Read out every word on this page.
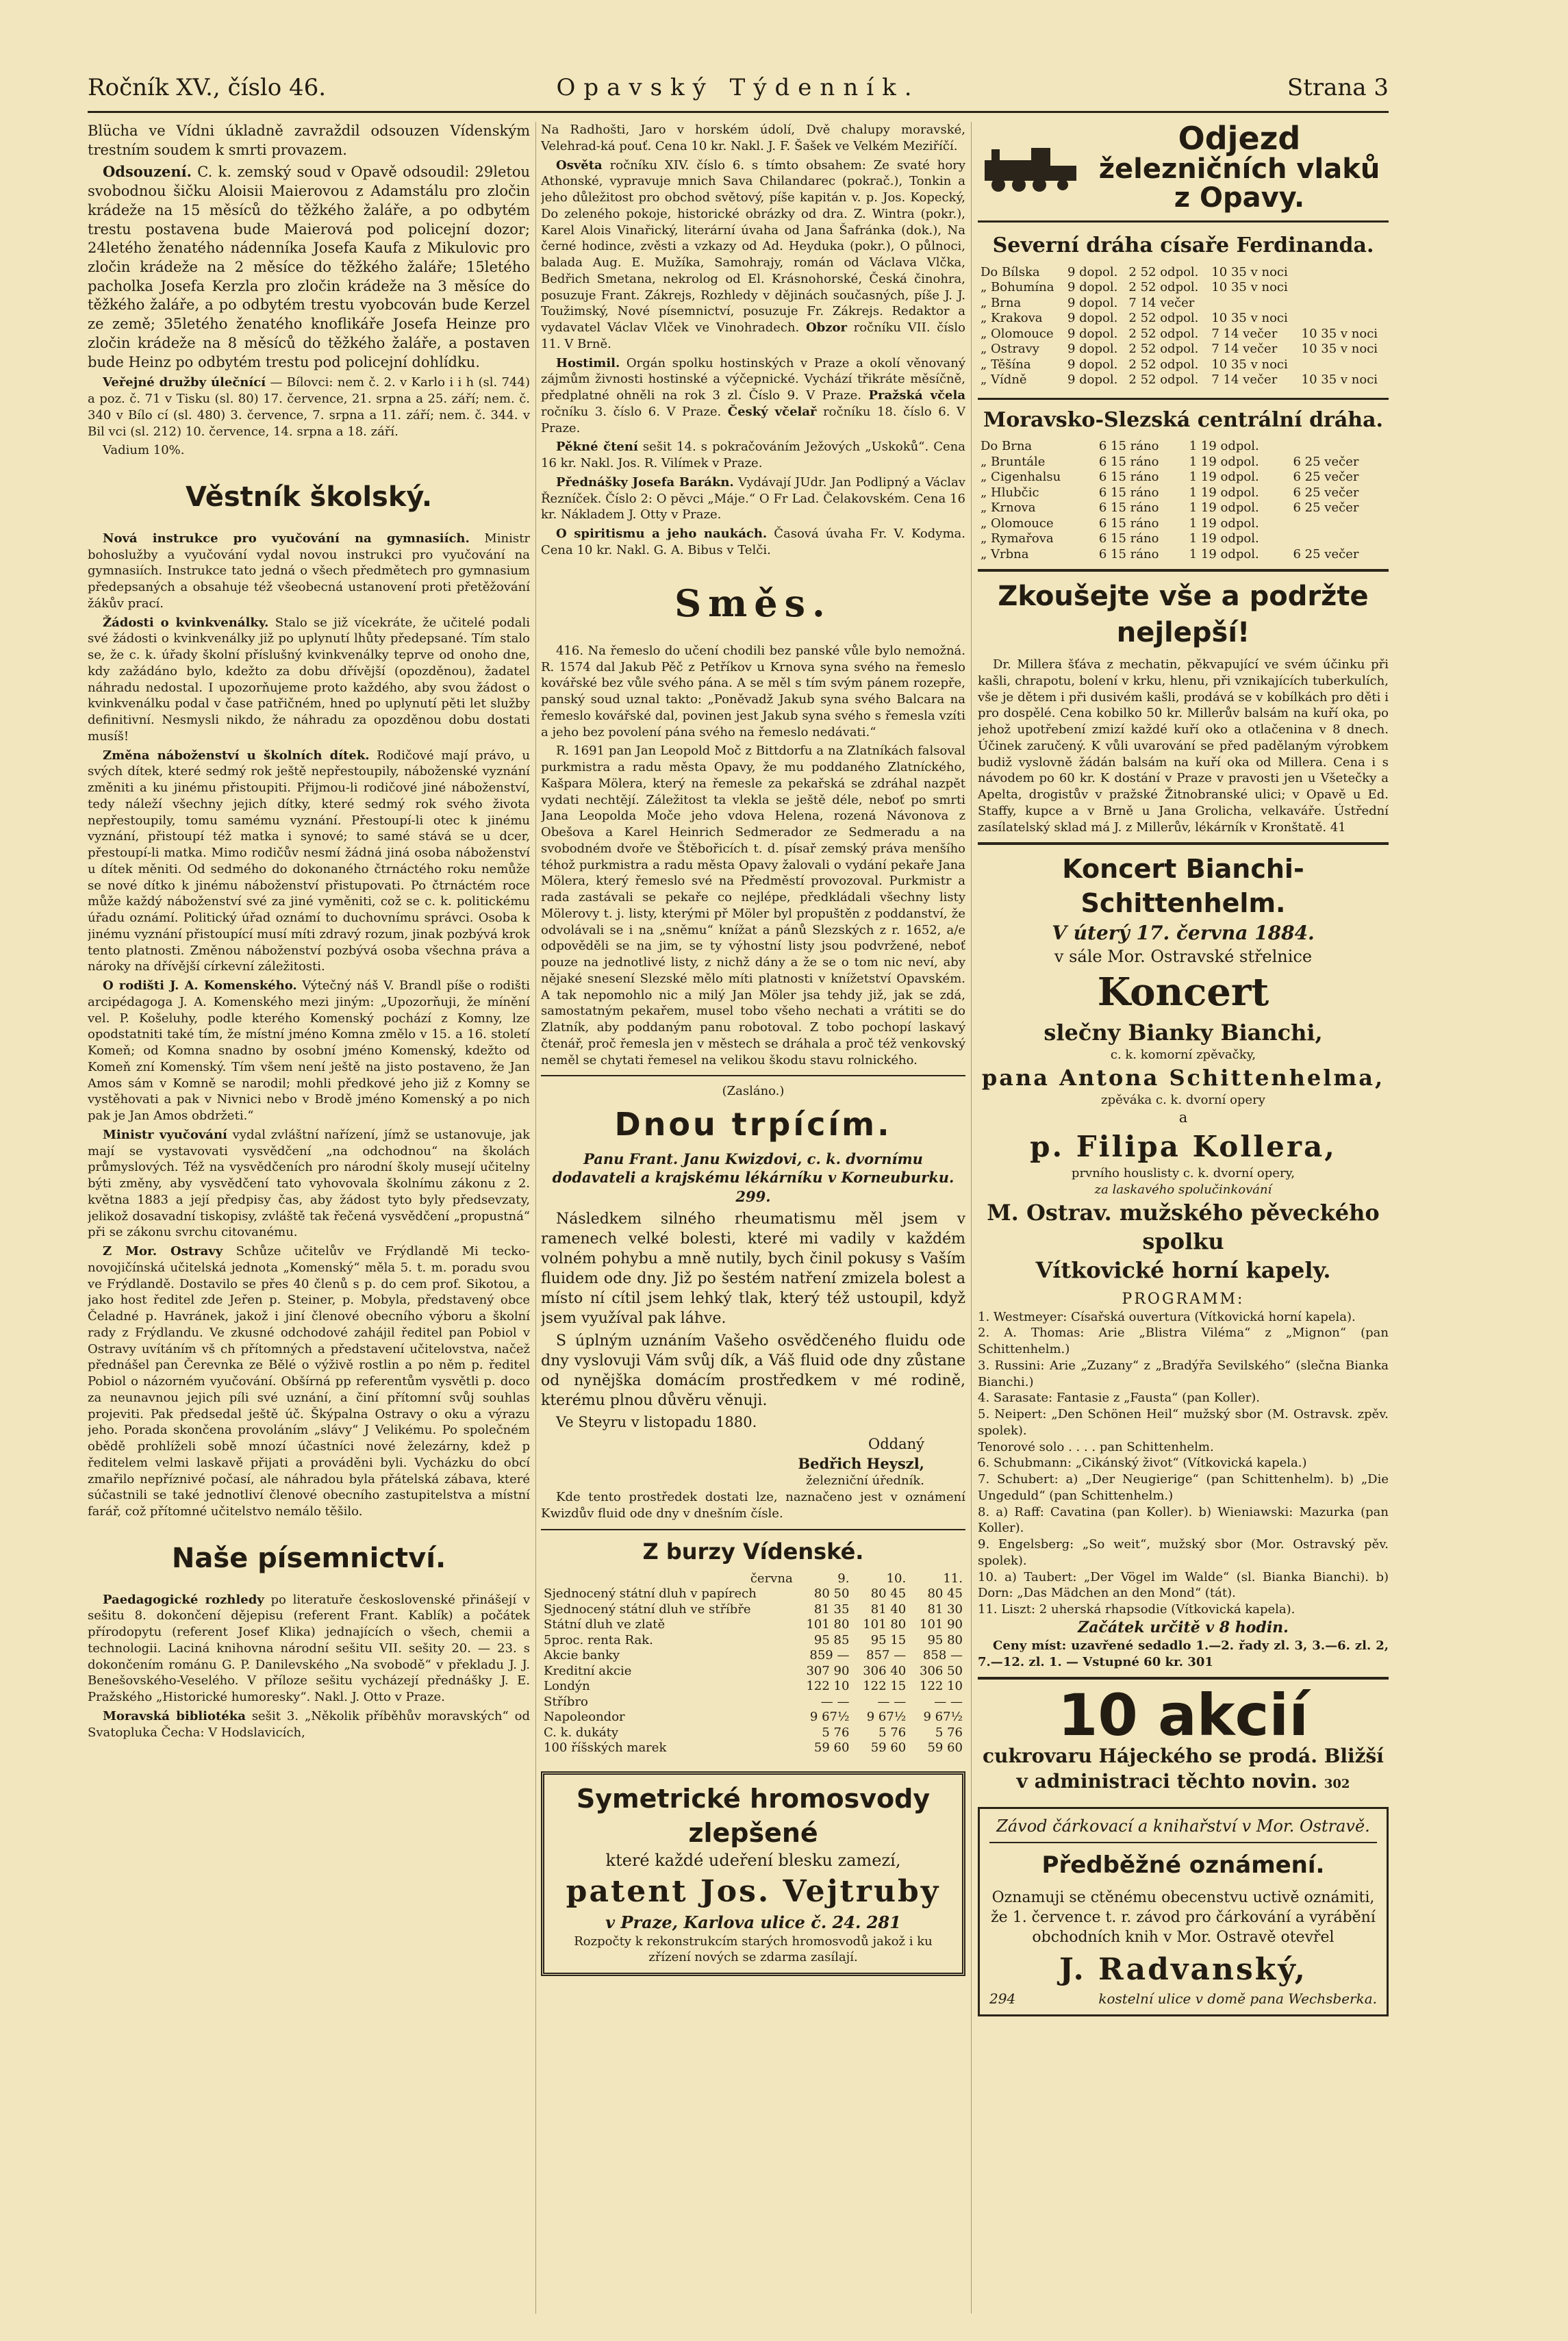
Ročník XV., číslo 46.	Opavský Týdenník.	Strana 3

Blücha ve Vídni úkladně zavraždil odsouzen Vídenským trestním soudem k smrti provazem.

Odsouzení. C. k. zemský soud v Opavě odsoudil: 29letou svobodnou šičku Aloisii Maierovou z Adamstálu pro zločin krádeže na 15 měsíců do těžkého žaláře, a po odbytém trestu postavena bude Maierová pod policejní dozor; 24letého ženatého nádenníka Josefa Kaufa z Mikulovic pro zločin krádeže na 2 měsíce do těžkého žaláře; 15letého pacholka Josefa Kerzla pro zločin krádeže na 3 měsíce do těžkého žaláře, a po odbytém trestu vyobcován bude Kerzel ze země; 35letého ženatého knoflikáře Josefa Heinze pro zločin krádeže na 8 měsíců do těžkého žaláře, a postaven bude Heinz po odbytém trestu pod policejní dohlídku.

Veřejné družby úlečnící — Bílovci: nem č. 2. v Karlo i i h (sl. 744) a poz. č. 71 v Tisku (sl. 80) 17. července, 21. srpna a 25. září; nem. č. 340 v Bílo cí (sl. 480) 3. července, 7. srpna a 11. září; nem. č. 344. v Bil vci (sl. 212) 10. července, 14. srpna a 18. září.

Vadium 10%.

Věstník školský.

Nová instrukce pro vyučování na gymnasiích. Ministr bohoslužby a vyučování vydal novou instrukci pro vyučování na gymnasiích. Instrukce tato jedná o všech předmětech pro gymnasium předepsaných a obsahuje též všeobecná ustanovení proti přetěžování žákův prací.

Žádosti o kvinkvenálky. Stalo se již vícekráte, že učitelé podali své žádosti o kvinkvenálky již po uplynutí lhůty předepsané. Tím stalo se, že c. k. úřady školní příslušný kvinkvenálky teprve od onoho dne, kdy zažádáno bylo, kdežto za dobu dřívější (opozděnou), žadatel náhradu nedostal. I upozorňujeme proto každého, aby svou žádost o kvinkvenálku podal v čase patřičném, hned po uplynutí pěti let služby definitivní. Nesmysli nikdo, že náhradu za opozděnou dobu dostati musíš!

Změna náboženství u školních dítek. Rodičové mají právo, u svých dítek, které sedmý rok ještě nepřestoupily, náboženské vyznání změniti a ku jinému přistoupiti. Přijmou-li rodičové jiné náboženství, tedy náleží všechny jejich dítky, které sedmý rok svého života nepřestoupily, tomu samému vyznání. Přestoupí-li otec k jinému vyznání, přistoupí též matka i synové; to samé stává se u dcer, přestoupí-li matka. Mimo rodičův nesmí žádná jiná osoba náboženství u dítek měniti. Od sedmého do dokonaného čtrnáctého roku nemůže se nové dítko k jinému náboženství přistupovati. Po čtrnáctém roce může každý náboženství své za jiné vyměniti, což se c. k. politickému úřadu oznámí. Politický úřad oznámí to duchovnímu správci. Osoba k jinému vyznání přistoupící musí míti zdravý rozum, jinak pozbývá krok tento platnosti. Změnou náboženství pozbývá osoba všechna práva a nároky na dřívější církevní záležitosti.

O rodišti J. A. Komenského. Výtečný náš V. Brandl píše o rodišti arcipédagoga J. A. Komenského mezi jiným: „Upozorňuji, že mínění vel. P. Košeluhy, podle kterého Komenský pochází z Komny, lze opodstatniti také tím, že místní jméno Komna změlo v 15. a 16. století Komeň; od Komna snadno by osobní jméno Komenský, kdežto od Komeň zní Komenský. Tím všem není ještě na jisto postaveno, že Jan Amos sám v Komně se narodil; mohli předkové jeho již z Komny se vystěhovati a pak v Nivnici nebo v Brodě jméno Komenský a po nich pak je Jan Amos obdržeti.“

Ministr vyučování vydal zvláštní nařízení, jímž se ustanovuje, jak mají se vystavovati vysvědčení „na odchodnou“ na školách průmyslových. Též na vysvědčeních pro národní školy musejí učitelny býti změny, aby vysvědčení tato vyhovovala školnímu zákonu z 2. května 1883 a její předpisy čas, aby žádost tyto byly předsevzaty, jelikož dosavadní tiskopisy, zvláště tak řečená vysvědčení „propustná“ při se zákonu svrchu citovanému.

Z Mor. Ostravy Schůze učitelův ve Frýdlandě Mi tecko-novojičínská učitelská jednota „Komenský“ měla 5. t. m. poradu svou ve Frýdlandě. Dostavilo se přes 40 členů s p. do cem prof. Sikotou, a jako host ředitel zde Jeřen p. Steiner, p. Mobyla, představený obce Čeladné p. Havránek, jakož i jiní členové obecního výboru a školní rady z Frýdlandu. Ve zkusné odchodové zahájil ředitel pan Pobiol v Ostravy uvítáním vš ch přítomných a představení učitelovstva, načež přednášel pan Čerevnka ze Bělé o výživě rostlin a po něm p. ředitel Pobiol o názorném vyučování. Obšírná pp referentům vysvětli p. doco za neunavnou jejich píli své uznání, a činí přítomní svůj souhlas projeviti. Pak předsedal ještě úč. Škýpalna Ostravy o oku a výrazu jeho. Porada skončena provoláním „slávy“ J Velikému. Po společném obědě prohlíželi sobě mnozí účastníci nové železárny, kdež p ředitelem velmi laskavě přijati a prováděni byli. Vycházku do obcí zmařilo nepříznivé počasí, ale náhradou byla přátelská zábava, které súčastnili se také jednotliví členové obecního zastupitelstva a místní farář, což přítomné učitelstvo nemálo těšilo.

Naše písemnictví.

Paedagogické rozhledy po literatuře československé přinášejí v sešitu 8. dokončení dějepisu (referent Frant. Kablík) a počátek přírodopytu (referent Josef Klika) jednajících o všech, chemii a technologii. Laciná knihovna národní sešitu VII. sešity 20. — 23. s dokončením románu G. P. Danilevského „Na svobodě“ v překladu J. J. Benešovského-Veselého. V příloze sešitu vycházejí přednášky J. E. Pražského „Historické humoresky“. Nakl. J. Otto v Praze.

Moravská bibliotéka sešit 3. „Několik příběhův moravských“ od Svatopluka Čecha: V Hodslavicích,

Na Radhošti, Jaro v horském údolí, Dvě chalupy moravské, Velehrad-ká pouť. Cena 10 kr. Nakl. J. F. Šašek ve Velkém Meziříčí.

Osvěta ročníku XIV. číslo 6. s tímto obsahem: Ze svaté hory Athonské, vypravuje mnich Sava Chilandarec (pokrač.), Tonkin a jeho důležitost pro obchod světový, píše kapitán v. p. Jos. Kopecký, Do zeleného pokoje, historické obrázky od dra. Z. Wintra (pokr.), Karel Alois Vinařický, literární úvaha od Jana Šafránka (dok.), Na černé hodince, zvěsti a vzkazy od Ad. Heyduka (pokr.), O půlnoci, balada Aug. E. Mužíka, Samohrajy, román od Václava Vlčka, Bedřich Smetana, nekrolog od El. Krásnohorské, Česká činohra, posuzuje Frant. Zákrejs, Rozhledy v dějinách současných, píše J. J. Toužimský, Nové písemnictví, posuzuje Fr. Zákrejs. Redaktor a vydavatel Václav Vlček ve Vinohradech. Obzor ročníku VII. číslo 11. V Brně.

Hostimil. Orgán spolku hostinských v Praze a okolí věnovaný zájmům živnosti hostinské a výčepnické. Vychází třikráte měsíčně, předplatné ohněli na rok 3 zl. Číslo 9. V Praze. Pražská včela ročníku 3. číslo 6. V Praze. Český včelař ročníku 18. číslo 6. V Praze.

Pěkné čtení sešit 14. s pokračováním Ježových „Uskoků“. Cena 16 kr. Nakl. Jos. R. Vilímek v Praze.

Přednášky Josefa Barákn. Vydávají JUdr. Jan Podlipný a Václav Řezníček. Číslo 2: O pěvci „Máje.“ O Fr Lad. Čelakovském. Cena 16 kr. Nákladem J. Otty v Praze.

O spiritismu a jeho naukách. Časová úvaha Fr. V. Kodyma. Cena 10 kr. Nakl. G. A. Bibus v Telči.

Směs.

416. Na řemeslo do učení chodili bez panské vůle bylo nemožná. R. 1574 dal Jakub Pěč z Petříkov u Krnova syna svého na řemeslo kovářské bez vůle svého pána. A se měl s tím svým pánem rozepře, panský soud uznal takto: „Poněvadž Jakub syna svého Balcara na řemeslo kovářské dal, povinen jest Jakub syna svého s řemesla vzíti a jeho bez povolení pána svého na řemeslo nedávati.“

R. 1691 pan Jan Leopold Moč z Bittdorfu a na Zlatníkách falsoval purkmistra a radu města Opavy, že mu poddaného Zlatníckého, Kašpara Mölera, který na řemesle za pekařská se zdráhal nazpět vydati nechtějí. Záležitost ta vlekla se ještě déle, neboť po smrti Jana Leopolda Moče jeho vdova Helena, rozená Návonova z Obešova a Karel Heinrich Sedmerador ze Sedmeradu a na svobodném dvoře ve Štěbořicích t. d. písař zemský práva menšího téhož purkmistra a radu města Opavy žalovali o vydání pekaře Jana Mölera, který řemeslo své na Předměstí provozoval. Purkmistr a rada zastávali se pekaře co nejlépe, předkládali všechny listy Mölerovy t. j. listy, kterými př Möler byl propuštěn z poddanství, že odvolávali se i na „sněmu“ knížat a pánů Slezských z r. 1652, a/e odpověděli se na jim, se ty výhostní listy jsou podvržené, neboť pouze na jednotlivé listy, z nichž dány a že se o tom nic neví, aby nějaké snesení Slezské mělo míti platnosti v knížetství Opavském. A tak nepomohlo nic a milý Jan Möler jsa tehdy již, jak se zdá, samostatným pekařem, musel tobo všeho nechati a vrátiti se do Zlatník, aby poddaným panu robotoval. Z tobo pochopí laskavý čtenář, proč řemesla jen v městech se dráhala a proč též venkovský neměl se chytati řemesel na velikou škodu stavu rolnického.

(Zasláno.)
Dnou trpícím.

Panu Frant. Janu Kwizdovi, c. k. dvornímu dodavateli a krajskému lékárníku v Korneuburku. 299.

Následkem silného rheumatismu měl jsem v ramenech velké bolesti, které mi vadily v každém volném pohybu a mně nutily, bych činil pokusy s Vaším fluidem ode dny. Již po šestém natření zmizela bolest a místo ní cítil jsem lehký tlak, který též ustoupil, když jsem využíval pak láhve.

S úplným uznáním Vašeho osvědčeného fluidu ode dny vyslovuji Vám svůj dík, a Váš fluid ode dny zůstane od nynějška domácím prostředkem v mé rodině, kterému plnou důvěru věnuji.

Ve Steyru v listopadu 1880.

Oddaný
Bedřich Heyszl,
železniční úředník.

Kde tento prostředek dostati lze, naznačeno jest v oznámení Kwizdův fluid ode dny v dnešním čísle.

Z burzy Vídenské.
června	9.	10.	11.
Sjednocený státní dluh v papírech	80 50	80 45	80 45
Sjednocený státní dluh ve stříbře	81 35	81 40	81 30
Státní dluh ve zlatě	101 80	101 80	101 90
5proc. renta Rak.	95 85	95 15	95 80
Akcie banky	859 —	857 —	858 —
Kreditní akcie	307 90	306 40	306 50
Londýn	122 10	122 15	122 10
Stříbro	— —	— —	— —
Napoleondor	9 67½	9 67½	9 67½
C. k. dukáty	5 76	5 76	5 76
100 říšských marek	59 60	59 60	59 60
Symetrické hromosvody zlepšené
které každé udeření blesku zamezí,
patent Jos. Vejtruby
v Praze, Karlova ulice č. 24. 281
Rozpočty k rekonstrukcím starých hromosvodů jakož i ku zřízení nových se zdarma zasílají.
Odjezd
železničních vlaků z Opavy.
Severní dráha císaře Ferdinanda.
Do Bílska	9 dopol.	2 52 odpol.	10 35 v noci	
„ Bohumína	9 dopol.	2 52 odpol.	10 35 v noci	
„ Brna	9 dopol.	7 14 večer		
„ Krakova	9 dopol.	2 52 odpol.	10 35 v noci	
„ Olomouce	9 dopol.	2 52 odpol.	7 14 večer	10 35 v noci
„ Ostravy	9 dopol.	2 52 odpol.	7 14 večer	10 35 v noci
„ Těšína	9 dopol.	2 52 odpol.	10 35 v noci	
„ Vídně	9 dopol.	2 52 odpol.	7 14 večer	10 35 v noci
Moravsko-Slezská centrální dráha.
Do Brna	6 15 ráno	1 19 odpol.	
„ Bruntále	6 15 ráno	1 19 odpol.	6 25 večer
„ Cigenhalsu	6 15 ráno	1 19 odpol.	6 25 večer
„ Hlubčic	6 15 ráno	1 19 odpol.	6 25 večer
„ Krnova	6 15 ráno	1 19 odpol.	6 25 večer
„ Olomouce	6 15 ráno	1 19 odpol.	
„ Rymařova	6 15 ráno	1 19 odpol.	
„ Vrbna	6 15 ráno	1 19 odpol.	6 25 večer
Zkoušejte vše a podržte nejlepší!

Dr. Millera šťáva z mechatin, pěkvapující ve svém účinku při kašli, chrapotu, bolení v krku, hlenu, při vznikajících tuberkulích, vše je dětem i při dusivém kašli, prodává se v kobílkách pro děti i pro dospělé. Cena kobilko 50 kr. Millerův balsám na kuří oka, po jehož upotřebení zmizí každé kuří oko a otlačenina v 8 dnech. Účinek zaručený. K vůli uvarování se před padělaným výrobkem budiž vyslovně žádán balsám na kuří oka od Millera. Cena i s návodem po 60 kr. K dostání v Praze v pravosti jen u Všetečky a Apelta, drogistův v pražské Žitnobranské ulici; v Opavě u Ed. Staffy, kupce a v Brně u Jana Grolicha, velkaváře. Ústřední zasílatelský sklad má J. z Millerův, lékárník v Kronštatě. 41

Koncert Bianchi-Schittenhelm.
V úterý 17. června 1884.
v sále Mor. Ostravské střelnice
Koncert
slečny Bianky Bianchi,
c. k. komorní zpěvačky,
pana Antona Schittenhelma,
zpěváka c. k. dvorní opery
a
p. Filipa Kollera,
prvního houslisty c. k. dvorní opery,
za laskavého spolučinkování
M. Ostrav. mužského pěveckého spolku
Vítkovické horní kapely.
PROGRAMM:
1. Westmeyer: Císařská ouvertura (Vítkovická horní kapela).
2. A. Thomas: Arie „Blistra Viléma“ z „Mignon“ (pan Schittenhelm.)
3. Russini: Arie „Zuzany“ z „Bradýřa Sevilského“ (slečna Bianka Bianchi.)
4. Sarasate: Fantasie z „Fausta“ (pan Koller).
5. Neipert: „Den Schönen Heil“ mužský sbor (M. Ostravsk. zpěv. spolek).
Tenorové solo . . . . pan Schittenhelm.
6. Schubmann: „Cikánský život“ (Vítkovická kapela.)
7. Schubert: a) „Der Neugierige“ (pan Schittenhelm). b) „Die Ungeduld“ (pan Schittenhelm.)
8. a) Raff: Cavatina (pan Koller). b) Wieniawski: Mazurka (pan Koller).
9. Engelsberg: „So weit“, mužský sbor (Mor. Ostravský pěv. spolek).
10. a) Taubert: „Der Vögel im Walde“ (sl. Bianka Bianchi). b) Dorn: „Das Mädchen an den Mond“ (tát).
11. Liszt: 2 uherská rhapsodie (Vítkovická kapela).
Začátek určitě v 8 hodin.

Ceny míst: uzavřené sedadlo 1.—2. řady zl. 3, 3.—6. zl. 2, 7.—12. zl. 1. — Vstupné 60 kr. 301

10 akcií

cukrovaru Hájeckého se prodá. Bližší v administraci těchto novin. 302

Závod čárkovací a knihařství v Mor. Ostravě.
Předběžné oznámení.

Oznamuji se ctěnému obecenstvu uctivě oznámiti, že 1. července t. r. závod pro čárkování a vyrábění obchodních knih v Mor. Ostravě otevřel

J. Radvanský,
294	kostelní ulice v domě pana Wechsberka.
